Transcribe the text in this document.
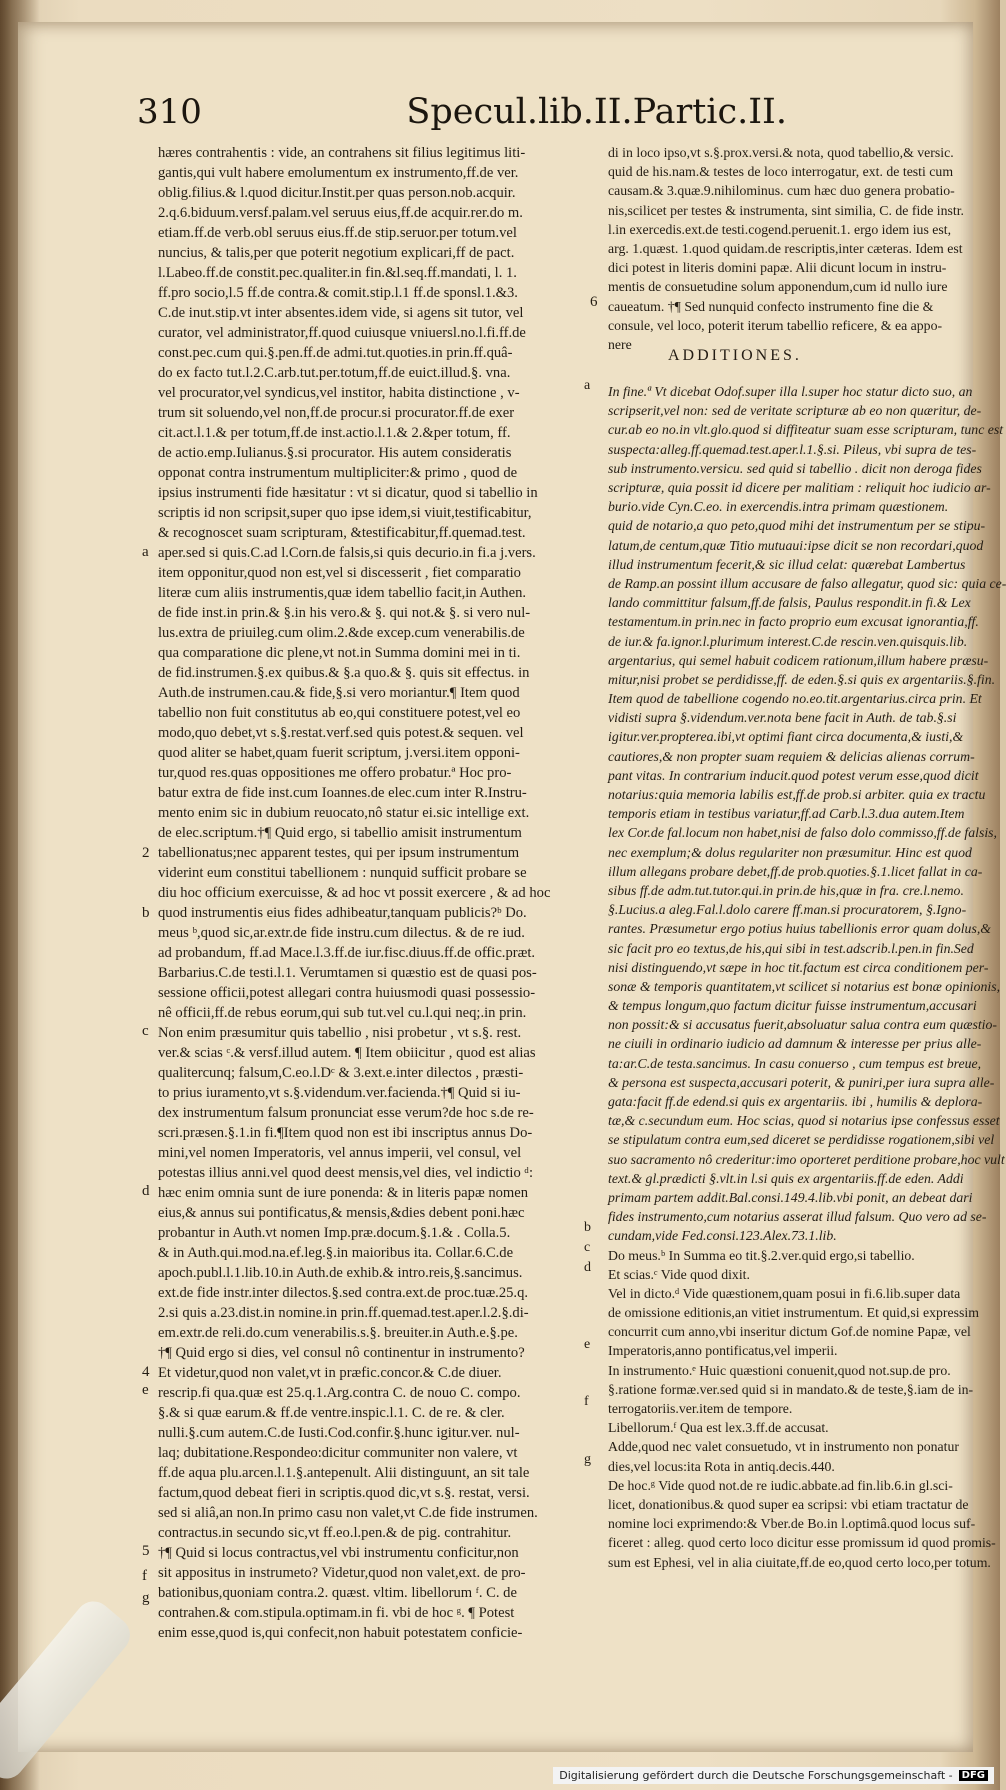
310	Specul.lib.II.Partic.II.
hæres contrahentis : vide, an contrahens sit filius legitimus liti-
gantis,qui vult habere emolumentum ex instrumento,ff.de ver.
oblig.filius.& l.quod dicitur.Instit.per quas person.nob.acquir.
2.q.6.biduum.versf.palam.vel seruus eius,ff.de acquir.rer.do m.
etiam.ff.de verb.obl seruus eius.ff.de stip.seruor.per totum.vel
nuncius, & talis,per que poterit negotium explicari,ff de pact.
l.Labeo.ff.de constit.pec.qualiter.in fin.&l.seq.ff.mandati, l. 1.
ff.pro socio,l.5 ff.de contra.& comit.stip.l.1 ff.de sponsl.1.&3.
C.de inut.stip.vt inter absentes.idem vide, si agens sit tutor, vel
curator, vel administrator,ff.quod cuiusque vniuersl.no.l.fi.ff.de
const.pec.cum qui.§.pen.ff.de admi.tut.quoties.in prin.ff.quâ-
do ex facto tut.l.2.C.arb.tut.per.totum,ff.de euict.illud.§. vna.
vel procurator,vel syndicus,vel institor, habita distinctione , v-
trum sit soluendo,vel non,ff.de procur.si procurator.ff.de exer
cit.act.l.1.& per totum,ff.de inst.actio.l.1.& 2.&per totum, ff.
de actio.emp.Iulianus.§.si procurator. His autem consideratis
opponat contra instrumentum multipliciter:& primo , quod de
ipsius instrumenti fide hæsitatur : vt si dicatur, quod si tabellio in
scriptis id non scripsit,super quo ipse idem,si viuit,testificabitur,
& recognoscet suam scripturam, &testificabitur,ff.quemad.test.
aper.sed si quis.C.ad l.Corn.de falsis,si quis decurio.in fi.a j.vers.
item opponitur,quod non est,vel si discesserit , fiet comparatio
literæ cum aliis instrumentis,quæ idem tabellio facit,in Authen.
de fide inst.in prin.& §.in his vero.& §. qui not.& §. si vero nul-
lus.extra de priuileg.cum olim.2.&de excep.cum venerabilis.de
qua comparatione dic plene,vt not.in Summa domini mei in ti.
de fid.instrumen.§.ex quibus.& §.a quo.& §. quis sit effectus. in
Auth.de instrumen.cau.& fide,§.si vero moriantur.¶ Item quod
tabellio non fuit constitutus ab eo,qui constituere potest,vel eo
modo,quo debet,vt s.§.restat.verf.sed quis potest.& sequen. vel
quod aliter se habet,quam fuerit scriptum, j.versi.item opponi-
tur,quod res.quas oppositiones me offero probatur.ª Hoc pro-
batur extra de fide inst.cum Ioannes.de elec.cum inter R.Instru-
mento enim sic in dubium reuocato,nô statur ei.sic intellige ext.
de elec.scriptum.†¶ Quid ergo, si tabellio amisit instrumentum
tabellionatus;nec apparent testes, qui per ipsum instrumentum
viderint eum constitui tabellionem : nunquid sufficit probare se
diu hoc officium exercuisse, & ad hoc vt possit exercere , & ad hoc
quod instrumentis eius fides adhibeatur,tanquam publicis?ᵇ Do.
meus ᵇ,quod sic,ar.extr.de fide instru.cum dilectus. & de re iud.
ad probandum, ff.ad Mace.l.3.ff.de iur.fisc.diuus.ff.de offic.præt.
Barbarius.C.de testi.l.1. Verumtamen si quæstio est de quasi pos-
sessione officii,potest allegari contra huiusmodi quasi possessio-
nê officii,ff.de rebus eorum,qui sub tut.vel cu.l.qui neq;.in prin.
Non enim præsumitur quis tabellio , nisi probetur , vt s.§. rest.
ver.& scias ᶜ.& versf.illud autem. ¶ Item obiicitur , quod est alias
qualitercunq; falsum,C.eo.l.Dᶜ & 3.ext.e.inter dilectos , præsti-
to prius iuramento,vt s.§.videndum.ver.facienda.†¶ Quid si iu-
dex instrumentum falsum pronunciat esse verum?de hoc s.de re-
scri.præsen.§.1.in fi.¶Item quod non est ibi inscriptus annus Do-
mini,vel nomen Imperatoris, vel annus imperii, vel consul, vel
potestas illius anni.vel quod deest mensis,vel dies, vel indictio ᵈ:
hæc enim omnia sunt de iure ponenda: & in literis papæ nomen
eius,& annus sui pontificatus,& mensis,&dies debent poni.hæc
probantur in Auth.vt nomen Imp.præ.docum.§.1.& . Colla.5.
& in Auth.qui.mod.na.ef.leg.§.in maioribus ita. Collar.6.C.de
apoch.publ.l.1.lib.10.in Auth.de exhib.& intro.reis,§.sancimus.
ext.de fide instr.inter dilectos.§.sed contra.ext.de proc.tuæ.25.q.
2.si quis a.23.dist.in nomine.in prin.ff.quemad.test.aper.l.2.§.di-
em.extr.de reli.do.cum venerabilis.s.§. breuiter.in Auth.e.§.pe.
†¶ Quid ergo si dies, vel consul nô continentur in instrumento?
Et videtur,quod non valet,vt in præfic.concor.& C.de diuer.
rescrip.fi qua.quæ est 25.q.1.Arg.contra C. de nouo C. compo.
§.& si quæ earum.& ff.de ventre.inspic.l.1. C. de re. & cler.
nulli.§.cum autem.C.de Iusti.Cod.confir.§.hunc igitur.ver. nul-
laq; dubitatione.Respondeo:dicitur communiter non valere, vt
ff.de aqua plu.arcen.l.1.§.antepenult. Alii distinguunt, an sit tale
factum,quod debeat fieri in scriptis.quod dic,vt s.§. restat, versi.
sed si aliâ,an non.In primo casu non valet,vt C.de fide instrumen.
contractus.in secundo sic,vt ff.eo.l.pen.& de pig. contrahitur.
†¶ Quid si locus contractus,vel vbi instrumentu conficitur,non
sit appositus in instrumeto? Videtur,quod non valet,ext. de pro-
bationibus,quoniam contra.2. quæst. vltim. libellorum ᶠ. C. de
contrahen.& com.stipula.optimam.in fi. vbi de hoc ᵍ. ¶ Potest
enim esse,quod is,qui confecit,non habuit potestatem conficie-
di in loco ipso,vt s.§.prox.versi.& nota, quod tabellio,& versic.
quid de his.nam.& testes de loco interrogatur, ext. de testi cum
causam.& 3.quæ.9.nihilominus. cum hæc duo genera probatio-
nis,scilicet per testes & instrumenta, sint similia, C. de fide instr.
l.in exercedis.ext.de testi.cogend.peruenit.1. ergo idem ius est,
arg. 1.quæst. 1.quod quidam.de rescriptis,inter cæteras. Idem est
dici potest in literis domini papæ. Alii dicunt locum in instru-
mentis de consuetudine solum apponendum,cum id nullo iure
caueatum. †¶ Sed nunquid confecto instrumento fine die &
consule, vel loco, poterit iterum tabellio reficere, & ea appo-
nere
In fine.ª Vt dicebat Odof.super illa l.super hoc statur dicto suo, an
scripserit,vel non: sed de veritate scripturæ ab eo non quæritur, de-
cur.ab eo no.in vlt.glo.quod si diffiteatur suam esse scripturam, tunc est
suspecta:alleg.ff.quemad.test.aper.l.1.§.si. Pileus, vbi supra de tes-
sub instrumento.versicu. sed quid si tabellio . dicit non deroga fides
scripturæ, quia possit id dicere per malitiam : reliquit hoc iudicio ar-
burio.vide Cyn.C.eo. in exercendis.intra primam quæstionem.
quid de notario,a quo peto,quod mihi det instrumentum per se stipu-
latum,de centum,quæ Titio mutuaui:ipse dicit se non recordari,quod
illud instrumentum fecerit,& sic illud celat: quærebat Lambertus
de Ramp.an possint illum accusare de falso allegatur, quod sic: quia ce-
lando committitur falsum,ff.de falsis, Paulus respondit.in fi.& Lex
testamentum.in prin.nec in facto proprio eum excusat ignorantia,ff.
de iur.& fa.ignor.l.plurimum interest.C.de rescin.ven.quisquis.lib.
argentarius, qui semel habuit codicem rationum,illum habere præsu-
mitur,nisi probet se perdidisse,ff. de eden.§.si quis ex argentariis.§.fin.
Item quod de tabellione cogendo no.eo.tit.argentarius.circa prin. Et
vidisti supra §.videndum.ver.nota bene facit in Auth. de tab.§.si
igitur.ver.propterea.ibi,vt optimi fiant circa documenta,& iusti,&
cautiores,& non propter suam requiem & delicias alienas corrum-
pant vitas. In contrarium inducit.quod potest verum esse,quod dicit
notarius:quia memoria labilis est,ff.de prob.si arbiter. quia ex tractu
temporis etiam in testibus variatur,ff.ad Carb.l.3.dua autem.Item
lex Cor.de fal.locum non habet,nisi de falso dolo commisso,ff.de falsis,
nec exemplum;& dolus regulariter non præsumitur. Hinc est quod
illum allegans probare debet,ff.de prob.quoties.§.1.licet fallat in ca-
sibus ff.de adm.tut.tutor.qui.in prin.de his,quæ in fra. cre.l.nemo.
§.Lucius.a aleg.Fal.l.dolo carere ff.man.si procuratorem, §.Igno-
rantes. Præsumetur ergo potius huius tabellionis error quam dolus,&
sic facit pro eo textus,de his,qui sibi in test.adscrib.l.pen.in fin.Sed
nisi distinguendo,vt sæpe in hoc tit.factum est circa conditionem per-
sonæ & temporis quantitatem,vt scilicet si notarius est bonæ opinionis,
& tempus longum,quo factum dicitur fuisse instrumentum,accusari
non possit:& si accusatus fuerit,absoluatur salua contra eum quæstio-
ne ciuili in ordinario iudicio ad damnum & interesse per prius alle-
ta:ar.C.de testa.sancimus. In casu conuerso , cum tempus est breue,
& persona est suspecta,accusari poterit, & puniri,per iura supra alle-
gata:facit ff.de edend.si quis ex argentariis. ibi , humilis & deplora-
tæ,& c.secundum eum. Hoc scias, quod si notarius ipse confessus esset
se stipulatum contra eum,sed diceret se perdidisse rogationem,sibi vel
suo sacramento nô crederitur:imo oporteret perditione probare,hoc vult
text.& gl.prædicti §.vlt.in l.si quis ex argentariis.ff.de eden. Addi
primam partem addit.Bal.consi.149.4.lib.vbi ponit, an debeat dari
fides instrumento,cum notarius asserat illud falsum. Quo vero ad se-
cundam,vide Fed.consi.123.Alex.73.1.lib.
Do meus.ᵇ In Summa eo tit.§.2.ver.quid ergo,si tabellio.
Et scias.ᶜ Vide quod dixit.
Vel in dicto.ᵈ Vide quæstionem,quam posui in fi.6.lib.super data
de omissione editionis,an vitiet instrumentum. Et quid,si expressim
concurrit cum anno,vbi inseritur dictum Gof.de nomine Papæ, vel
Imperatoris,anno pontificatus,vel imperii.
In instrumento.ᵉ Huic quæstioni conuenit,quod not.sup.de pro.
§.ratione formæ.ver.sed quid si in mandato.& de teste,§.iam de in-
terrogatoriis.ver.item de tempore.
Libellorum.ᶠ Qua est lex.3.ff.de accusat.
Adde,quod nec valet consuetudo, vt in instrumento non ponatur
dies,vel locus:ita Rota in antiq.decis.440.
De hoc.ᵍ Vide quod not.de re iudic.abbate.ad fin.lib.6.in gl.sci-
licet, donationibus.& quod super ea scripsi: vbi etiam tractatur de
nomine loci exprimendo:& Vber.de Bo.in l.optimâ.quod locus suf-
ficeret : alleg. quod certo loco dicitur esse promissum id quod promis-
sum est Ephesi, vel in alia ciuitate,ff.de eo,quod certo loco,per totum.
ADDITIONES.
a
2
b
c
d
4
e
5
f
g
6
a
b
c
d
e
f
g
Digitalisierung gefördert durch die Deutsche Forschungsgemeinschaft - DFG
